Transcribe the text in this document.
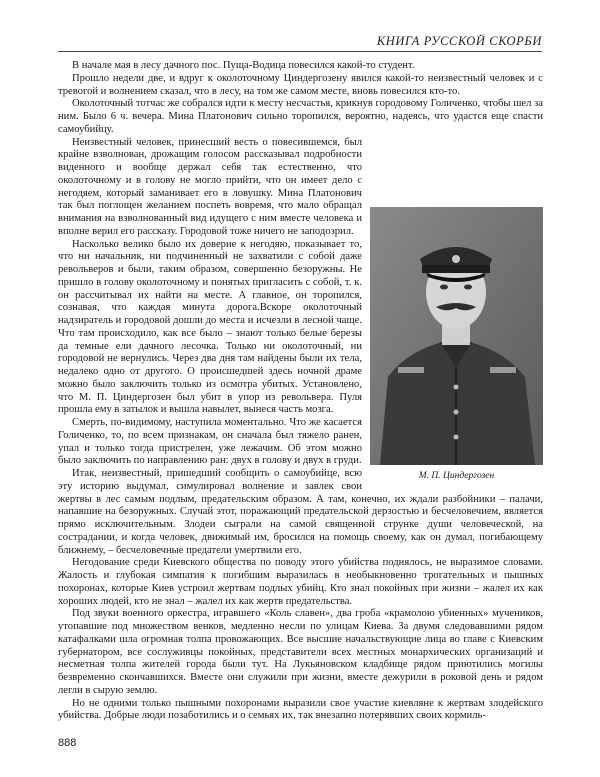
КНИГА РУССКОЙ СКОРБИ

В начале мая в лесу дачного пос. Пуща-Водица повесился какой-то студент.

Прошло недели две, и вдруг к околоточному Циндергозену явился какой-то неизвестный человек и с тревогой и волнением сказал, что в лесу, на том же самом месте, вновь повесился кто-то.

Околоточный тотчас же собрался идти к месту несчастья, крикнув городовому Голиченко, чтобы шел за ним. Было 6 ч. вечера. Мина Платонович сильно торопился, вероятно, надеясь, что удастся еще спасти самоубийцу.

М. П. Циндергозен

Неизвестный человек, принесший весть о повесившемся, был крайне взволнован, дрожащим голосом рассказывал подробности виденного и вообще держал себя так естественно, что околоточному и в голову не могло прийти, что он имеет дело с негодяем, который заманивает его в ловушку. Мина Платонович так был поглощен желанием поспеть вовремя, что мало обращал внимания на взволнованный вид идущего с ним вместе человека и вполне верил его рассказу. Городовой тоже ничего не заподозрил.

Насколько велико было их доверие к негодяю, показывает то, что ни начальник, ни подчиненный не захватили с собой даже револьверов и были, таким образом, совершенно безоружны. Не пришло в голову околоточному и понятых пригласить с собой, т. к. он рассчитывал их найти на месте. А главное, он торопился, сознавая, что каждая минута дорога.Вскоре околоточный надзиратель и городовой дошли до места и исчезли в лесной чаще. Что там происходило, как все было – знают только белые березы да темные ели дачного лесочка. Только ни околоточный, ни городовой не вернулись. Через два дня там найдены были их тела, недалеко одно от другого. О происшедшей здесь ночной драме можно было заключить только из осмотра убитых. Установлено, что М. П. Циндергозен был убит в упор из револьвера. Пуля прошла ему в затылок и вышла навылет, вынеся часть мозга.

Смерть, по-видимому, наступила моментально. Что же касается Голиченко, то, по всем признакам, он сначала был тяжело ранен, упал и только тогда пристрелен, уже лежачим. Об этом можно было заключить по направлению ран: двух в голову и двух в груди.

Итак, неизвестный, пришедший сообщить о самоубийце, всю эту историю выдумал, симулировал волнение и завлек свои жертвы в лес самым подлым, предательским образом. А там, конечно, их ждали разбойники – палачи, напавшие на безоружных. Случай этот, поражающий предательской дерзостью и бесчеловечием, является прямо исключительным. Злодеи сыграли на самой священной струнке души человеческой, на сострадании, и когда человек, движимый им, бросился на помощь своему, как он думал, погибающему ближнему, – бесчеловечные предатели умертвили его.

Негодование среди Киевского общества по поводу этого убийства поднялось, не выразимое словами. Жалость и глубокая симпатия к погибшим выразилась в необыкновенно трогательных и пышных похоронах, которые Киев устроил жертвам подлых убийц. Кто знал покойных при жизни – жалел их как хороших людей, кто не знал – жалел их как жертв предательства.

Под звуки военного оркестра, игравшего «Коль славен», два гроба «крамолою убиенных» мучеников, утопавшие под множеством венков, медленно несли по улицам Киева. За двумя следовавшими рядом катафалками шла огромная толпа провожающих. Все высшие начальствующие лица во главе с Киевским губернатором, все сослуживцы покойных, представители всех местных монархических организаций и несметная толпа жителей города были тут. На Лукьяновском кладбище рядом приютились могилы безвременно скончавшихся. Вместе они служили при жизни, вместе дежурили в роковой день и рядом легли в сырую землю.

Но не одними только пышными похоронами выразили свое участие киевляне к жертвам злодейского убийства. Добрые люди позаботились и о семьях их, так внезапно потерявших своих кормиль-

888
